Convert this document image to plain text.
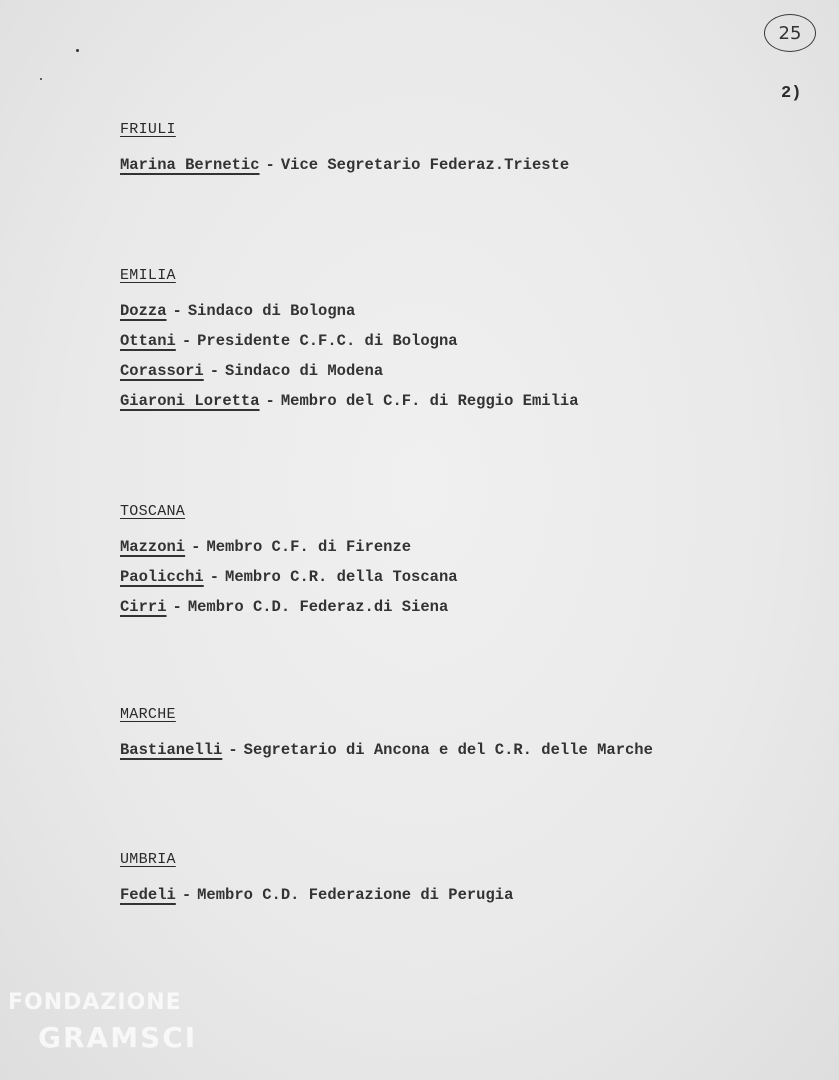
25
2)
FRIULI
Marina Bernetic - Vice Segretario Federaz.Trieste
EMILIA
Dozza - Sindaco di Bologna
Ottani - Presidente C.F.C. di Bologna
Corassori - Sindaco di Modena
Giaroni Loretta - Membro del C.F. di Reggio Emilia
TOSCANA
Mazzoni - Membro C.F. di Firenze
Paolicchi - Membro C.R. della Toscana
Cirri - Membro C.D. Federaz.di Siena
MARCHE
Bastianelli - Segretario di Ancona e del C.R. delle Marche
UMBRIA
Fedeli - Membro C.D. Federazione di Perugia
FONDAZIONE
GRAMSCI
